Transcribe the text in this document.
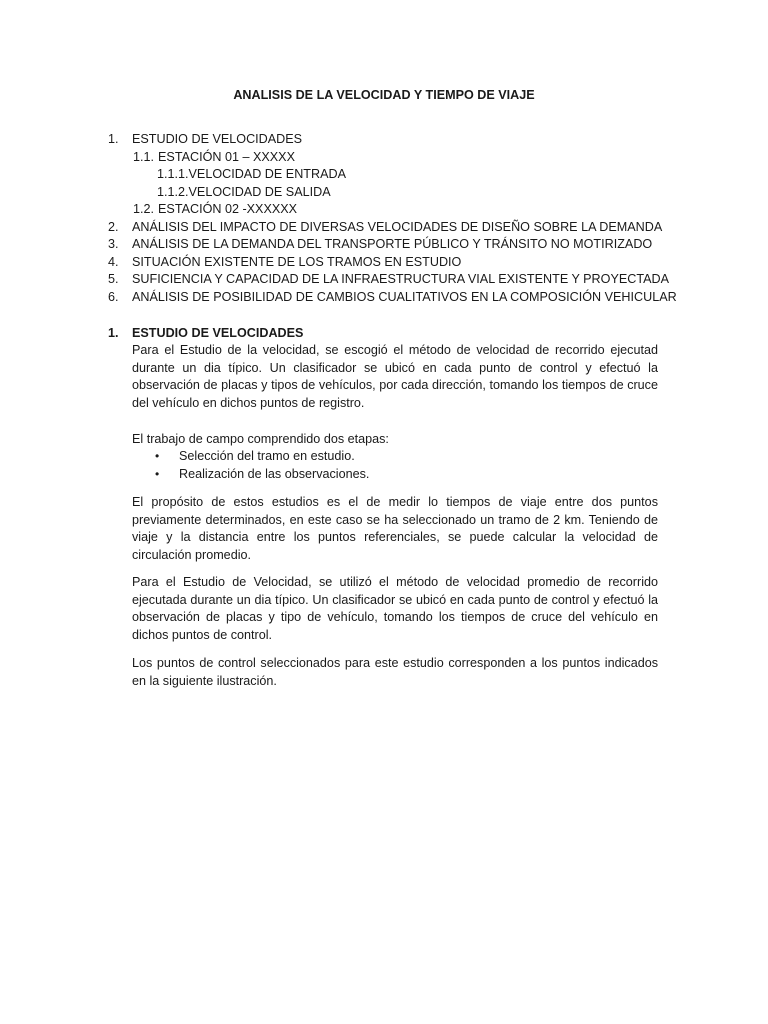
ANALISIS DE LA VELOCIDAD Y TIEMPO DE VIAJE
1. ESTUDIO DE VELOCIDADES
1.1. ESTACIÓN 01 – XXXXX
1.1.1.VELOCIDAD DE ENTRADA
1.1.2.VELOCIDAD DE SALIDA
1.2. ESTACIÓN 02 -XXXXXX
2. ANÁLISIS DEL IMPACTO DE DIVERSAS VELOCIDADES DE DISEÑO SOBRE LA DEMANDA
3. ANÁLISIS DE LA DEMANDA DEL TRANSPORTE PÚBLICO Y TRÁNSITO NO MOTIRIZADO
4. SITUACIÓN EXISTENTE DE LOS TRAMOS EN ESTUDIO
5. SUFICIENCIA Y CAPACIDAD DE LA INFRAESTRUCTURA VIAL EXISTENTE Y PROYECTADA
6. ANÁLISIS DE POSIBILIDAD DE CAMBIOS CUALITATIVOS EN LA COMPOSICIÓN VEHICULAR
1. ESTUDIO DE VELOCIDADES

Para el Estudio de la velocidad, se escogió el método de velocidad de recorrido ejecutad durante un dia típico. Un clasificador se ubicó en cada punto de control y efectuó la observación de placas y tipos de vehículos, por cada dirección, tomando los tiempos de cruce del vehículo en dichos puntos de registro.

El trabajo de campo comprendido dos etapas:

• Selección del tramo en estudio.
• Realización de las observaciones.

El propósito de estos estudios es el de medir lo tiempos de viaje entre dos puntos previamente determinados, en este caso se ha seleccionado un tramo de 2 km. Teniendo de viaje y la distancia entre los puntos referenciales, se puede calcular la velocidad de circulación promedio.

Para el Estudio de Velocidad, se utilizó el método de velocidad promedio de recorrido ejecutada durante un dia típico. Un clasificador se ubicó en cada punto de control y efectuó la observación de placas y tipo de vehículo, tomando los tiempos de cruce del vehículo en dichos puntos de control.

Los puntos de control seleccionados para este estudio corresponden a los puntos indicados en la siguiente ilustración.
